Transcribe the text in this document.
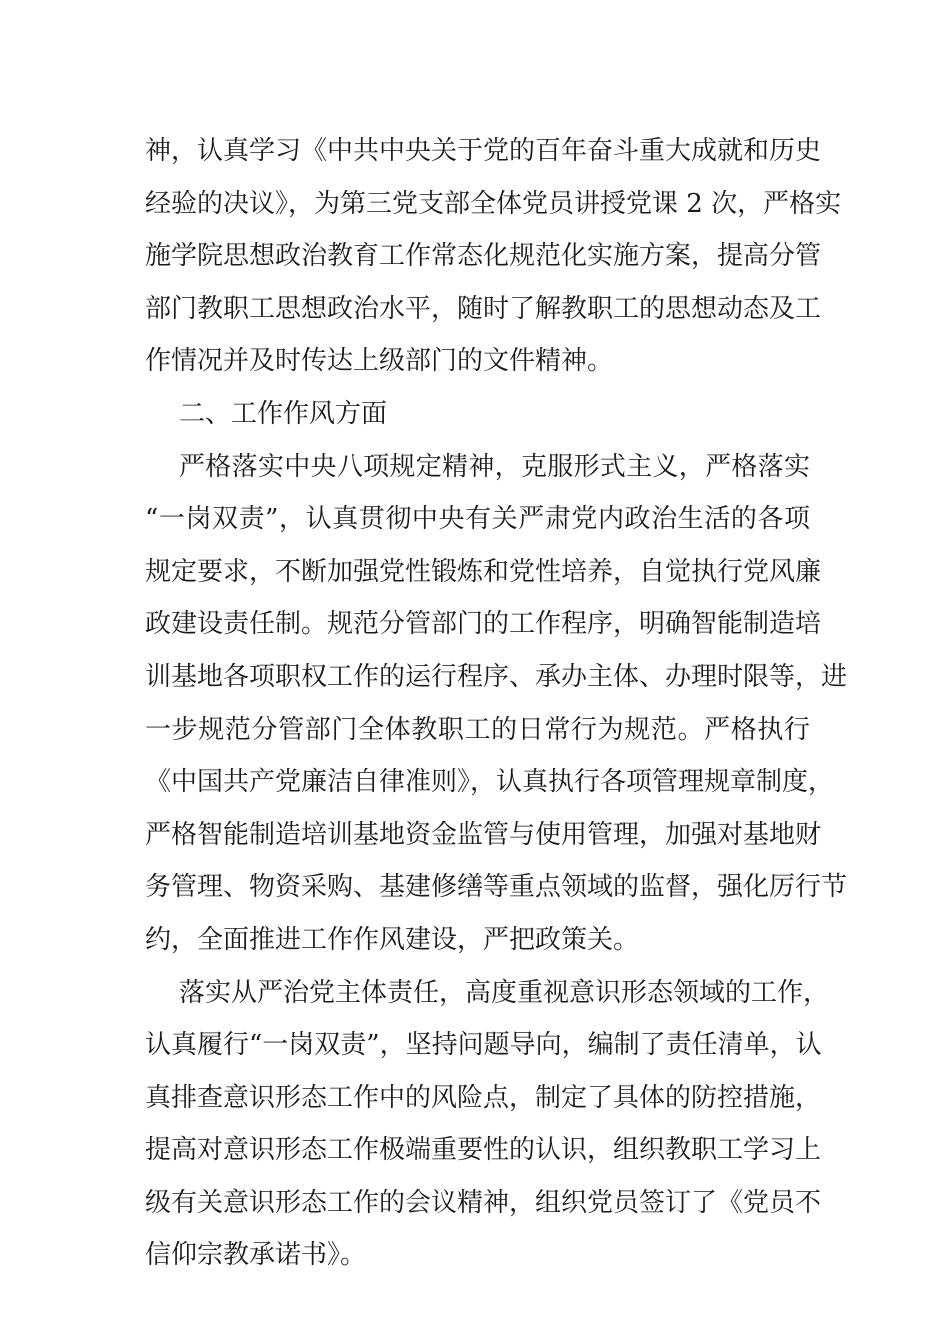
神，认真学习《中共中央关于党的百年奋斗重大成就和历史
经验的决议》，为第三党支部全体党员讲授党课 2 次，严格实
施学院思想政治教育工作常态化规范化实施方案，提高分管
部门教职工思想政治水平，随时了解教职工的思想动态及工
作情况并及时传达上级部门的文件精神。
二、工作作风方面
严格落实中央八项规定精神，克服形式主义，严格落实
“一岗双责”，认真贯彻中央有关严肃党内政治生活的各项
规定要求，不断加强党性锻炼和党性培养，自觉执行党风廉
政建设责任制。规范分管部门的工作程序，明确智能制造培
训基地各项职权工作的运行程序、承办主体、办理时限等，进
一步规范分管部门全体教职工的日常行为规范。严格执行
《中国共产党廉洁自律准则》，认真执行各项管理规章制度，
严格智能制造培训基地资金监管与使用管理，加强对基地财
务管理、物资采购、基建修缮等重点领域的监督，强化厉行节
约，全面推进工作作风建设，严把政策关。
落实从严治党主体责任，高度重视意识形态领域的工作，
认真履行“一岗双责”，坚持问题导向，编制了责任清单，认
真排查意识形态工作中的风险点，制定了具体的防控措施，
提高对意识形态工作极端重要性的认识，组织教职工学习上
级有关意识形态工作的会议精神，组织党员签订了《党员不
信仰宗教承诺书》。
